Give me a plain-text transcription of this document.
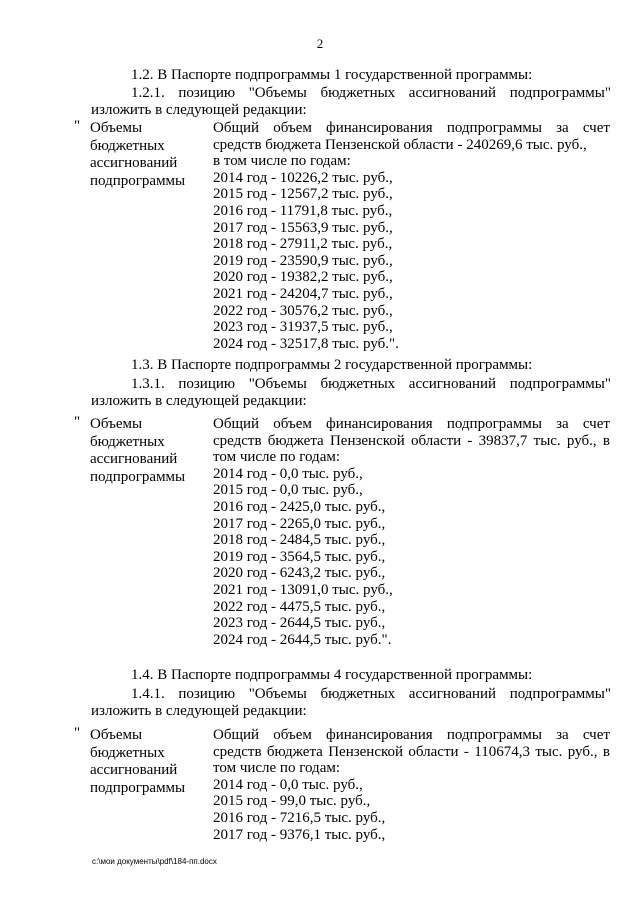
2
1.2. В Паспорте подпрограммы 1 государственной программы:
1.2.1. позицию "Объемы бюджетных ассигнований подпрограммы"
изложить в следующей редакции:
" Объемы
бюджетных
ассигнований
подпрограммы
Общий объем финансирования подпрограммы за счет
средств бюджета Пензенской области - 240269,6 тыс. руб.,
в том числе по годам:
2014 год - 10226,2 тыс. руб.,
2015 год - 12567,2 тыс. руб.,
2016 год - 11791,8 тыс. руб.,
2017 год - 15563,9 тыс. руб.,
2018 год - 27911,2 тыс. руб.,
2019 год - 23590,9 тыс. руб.,
2020 год - 19382,2 тыс. руб.,
2021 год - 24204,7 тыс. руб.,
2022 год - 30576,2 тыс. руб.,
2023 год - 31937,5 тыс. руб.,
2024 год - 32517,8 тыс. руб.".
1.3. В Паспорте подпрограммы 2 государственной программы:
1.3.1. позицию "Объемы бюджетных ассигнований подпрограммы"
изложить в следующей редакции:
" Объемы
бюджетных
ассигнований
подпрограммы
Общий объем финансирования подпрограммы за счет
средств бюджета Пензенской области - 39837,7 тыс. руб., в
том числе по годам:
2014 год - 0,0 тыс. руб.,
2015 год - 0,0 тыс. руб.,
2016 год - 2425,0 тыс. руб.,
2017 год - 2265,0 тыс. руб.,
2018 год - 2484,5 тыс. руб.,
2019 год - 3564,5 тыс. руб.,
2020 год - 6243,2 тыс. руб.,
2021 год - 13091,0 тыс. руб.,
2022 год - 4475,5 тыс. руб.,
2023 год - 2644,5 тыс. руб.,
2024 год - 2644,5 тыс. руб.".
1.4. В Паспорте подпрограммы 4 государственной программы:
1.4.1. позицию "Объемы бюджетных ассигнований подпрограммы"
изложить в следующей редакции:
" Объемы
бюджетных
ассигнований
подпрограммы
Общий объем финансирования подпрограммы за счет
средств бюджета Пензенской области - 110674,3 тыс. руб., в
том числе по годам:
2014 год - 0,0 тыс. руб.,
2015 год - 99,0 тыс. руб.,
2016 год - 7216,5 тыс. руб.,
2017 год - 9376,1 тыс. руб.,
c:\мои документы\pdf\184-пп.docx
